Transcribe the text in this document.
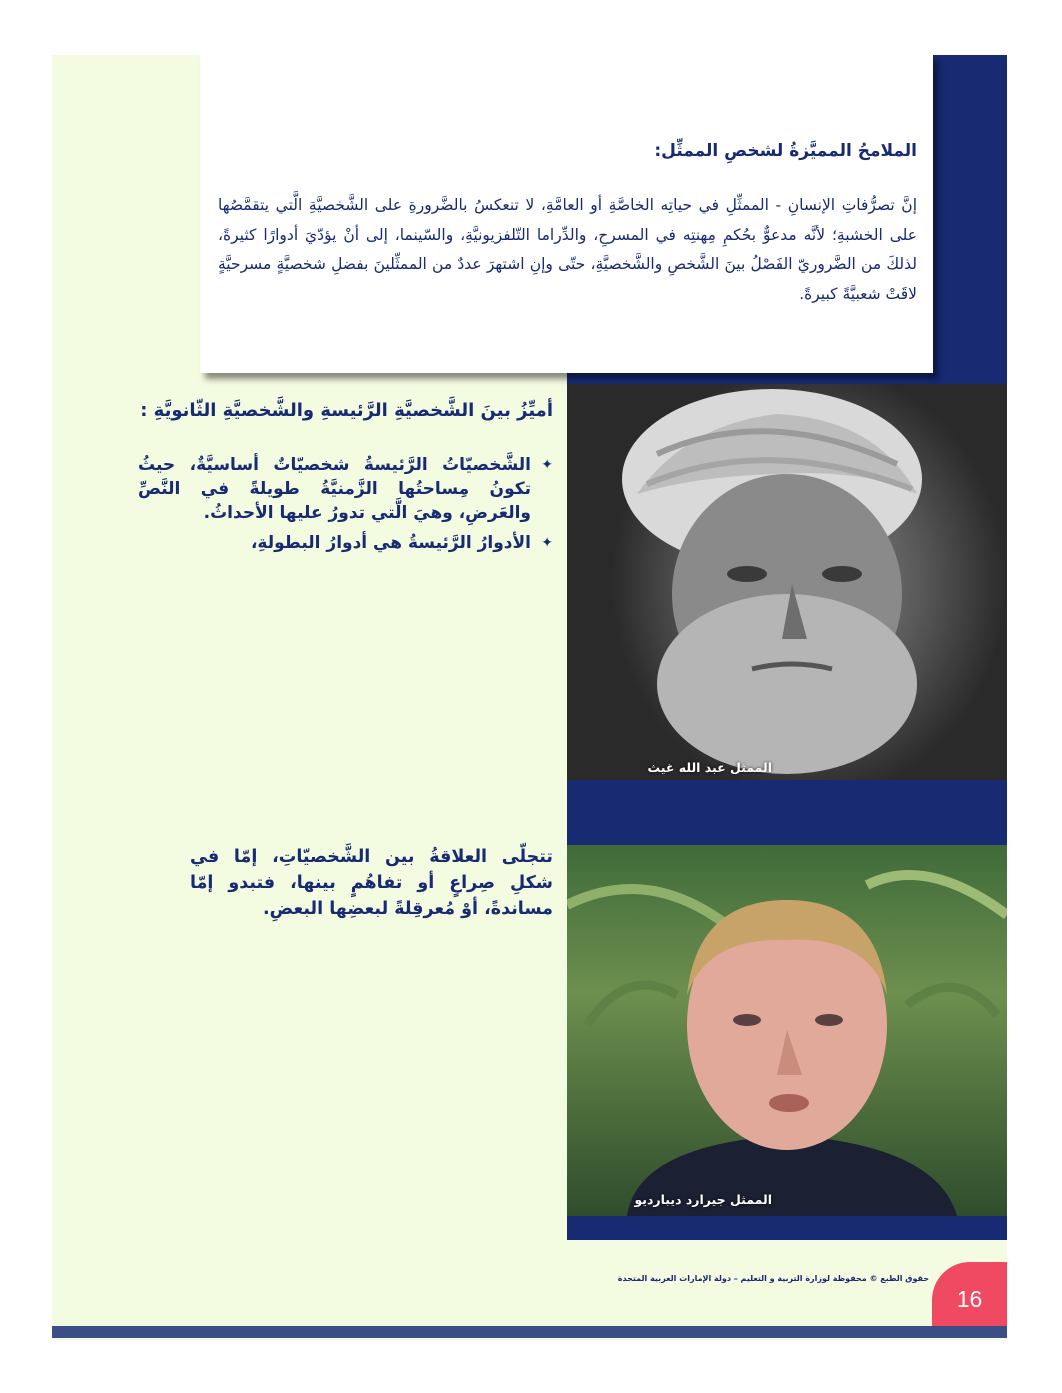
الملامحُ المميَّزةُ لشخصِ الممثِّل:

إنَّ تصرُّفاتِ الإنسانِ - الممثِّلِ في حياتِه الخاصَّةِ أو العامَّةِ، لا تنعكسُ بالضَّرورةِ على الشَّخصيَّةِ الَّتي يتقمَّصُها على الخشبةِ؛ لأنَّه مدعوٌّ بحُكمِ مِهنتِه في المسرحِ، والدِّراما التّلفزيونيَّةِ، والسّينما، إلى أنْ يؤدّيَ أدوارًا كثيرةً، لذلكَ من الضَّروريّ الفَصْلُ بينَ الشَّخصِ والشَّخصيَّةِ، حتّى وإنِ اشتهرَ عددٌ من الممثِّلينَ بفضلِ شخصيَّةٍ مسرحيَّةٍ لاقَتْ شعبيَّةً كبيرةً.

أميِّزُ بينَ الشَّخصيَّةِ الرَّئيسةِ والشَّخصيَّةِ الثّانويَّةِ :
✦
الشَّخصيّاتُ الرَّئيسةُ شخصيّاتٌ أساسيَّةٌ، حيثُ تكونُ مِساحتُها الزَّمنيَّةُ طويلةً في النَّصِّ والعَرضِ، وهيَ الَّتي تدورُ عليها الأحداثُ.
✦
الأدوارُ الرَّئيسةُ هي أدوارُ البطولةِ،

تتجلّى العلاقةُ بين الشَّخصيّاتِ، إمّا في شكلِ صِراعٍ أو تفاهُمٍ بينها، فتبدو إمّا مساندةً، أوْ مُعرقِلةً لبعضِها البعضِ.

الممثل عبد الله غيث
الممثل جيرارد ديبارديو
حقوق الطبع © محفوظة لوزارة التربية و التعليم – دولة الإمارات العربية المتحدة
16
